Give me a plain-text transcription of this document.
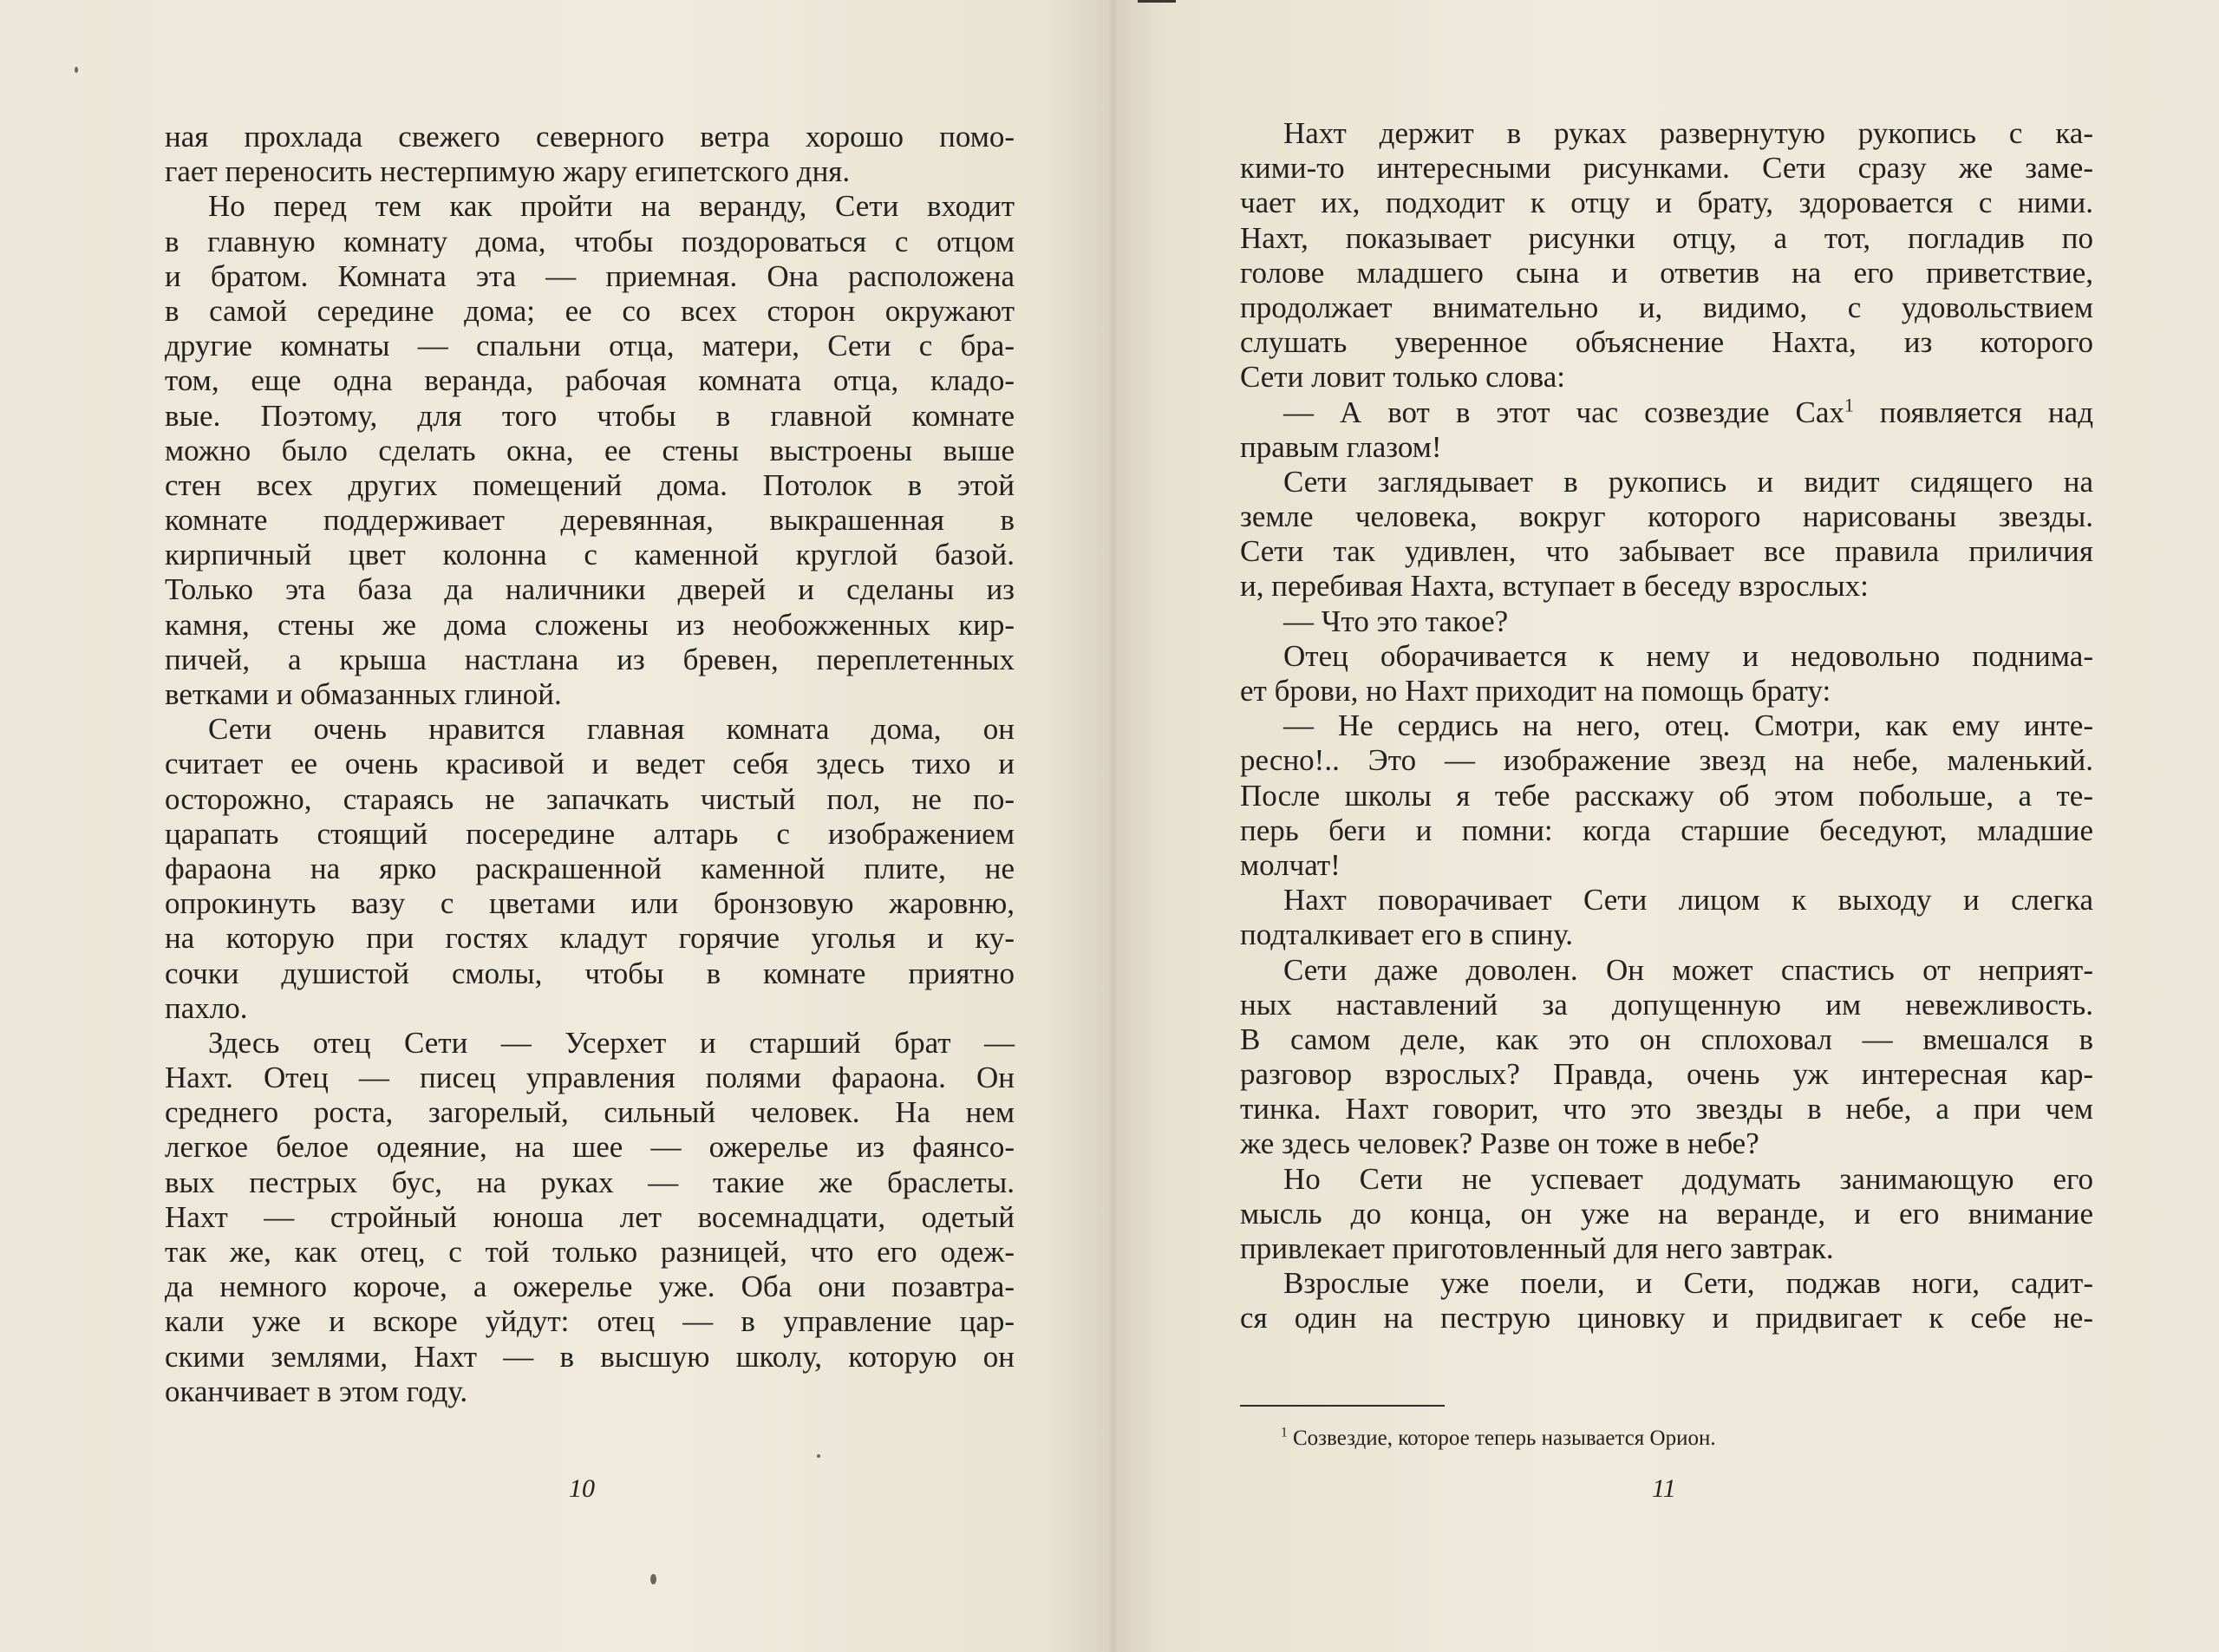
ная прохлада свежего северного ветра хорошо помо-
гает переносить нестерпимую жару египетского дня.
Но перед тем как пройти на веранду, Сети входит
в главную комнату дома, чтобы поздороваться с отцом
и братом. Комната эта — приемная. Она расположена
в самой середине дома; ее со всех сторон окружают
другие комнаты — спальни отца, матери, Сети с бра-
том, еще одна веранда, рабочая комната отца, кладо-
вые. Поэтому, для того чтобы в главной комнате
можно было сделать окна, ее стены выстроены выше
стен всех других помещений дома. Потолок в этой
комнате поддерживает деревянная, выкрашенная в
кирпичный цвет колонна с каменной круглой базой.
Только эта база да наличники дверей и сделаны из
камня, стены же дома сложены из необожженных кир-
пичей, а крыша настлана из бревен, переплетенных
ветками и обмазанных глиной.
Сети очень нравится главная комната дома, он
считает ее очень красивой и ведет себя здесь тихо и
осторожно, стараясь не запачкать чистый пол, не по-
царапать стоящий посередине алтарь с изображением
фараона на ярко раскрашенной каменной плите, не
опрокинуть вазу с цветами или бронзовую жаровню,
на которую при гостях кладут горячие уголья и ку-
сочки душистой смолы, чтобы в комнате приятно
пахло.
Здесь отец Сети — Усерхет и старший брат —
Нахт. Отец — писец управления полями фараона. Он
среднего роста, загорелый, сильный человек. На нем
легкое белое одеяние, на шее — ожерелье из фаянсо-
вых пестрых бус, на руках — такие же браслеты.
Нахт — стройный юноша лет восемнадцати, одетый
так же, как отец, с той только разницей, что его одеж-
да немного короче, а ожерелье уже. Оба они позавтра-
кали уже и вскоре уйдут: отец — в управление цар-
скими землями, Нахт — в высшую школу, которую он
оканчивает в этом году.
Нахт держит в руках развернутую рукопись с ка-
кими-то интересными рисунками. Сети сразу же заме-
чает их, подходит к отцу и брату, здоровается с ними.
Нахт, показывает рисунки отцу, а тот, погладив по
голове младшего сына и ответив на его приветствие,
продолжает внимательно и, видимо, с удовольствием
слушать уверенное объяснение Нахта, из которого
Сети ловит только слова:
— А вот в этот час созвездие Сах$^1$ появляется над
правым глазом!
Сети заглядывает в рукопись и видит сидящего на
земле человека, вокруг которого нарисованы звезды.
Сети так удивлен, что забывает все правила приличия
и, перебивая Нахта, вступает в беседу взрослых:
— Что это такое?
Отец оборачивается к нему и недовольно поднима-
ет брови, но Нахт приходит на помощь брату:
— Не сердись на него, отец. Смотри, как ему инте-
ресно!.. Это — изображение звезд на небе, маленький.
После школы я тебе расскажу об этом побольше, а те-
перь беги и помни: когда старшие беседуют, младшие
молчат!
Нахт поворачивает Сети лицом к выходу и слегка
подталкивает его в спину.
Сети даже доволен. Он может спастись от неприят-
ных наставлений за допущенную им невежливость.
В самом деле, как это он сплоховал — вмешался в
разговор взрослых? Правда, очень уж интересная кар-
тинка. Нахт говорит, что это звезды в небе, а при чем
же здесь человек? Разве он тоже в небе?
Но Сети не успевает додумать занимающую его
мысль до конца, он уже на веранде, и его внимание
привлекает приготовленный для него завтрак.
Взрослые уже поели, и Сети, поджав ноги, садит-
ся один на пеструю циновку и придвигает к себе не-
$^1$ Созвездие, которое теперь называется Орион.
10	11
